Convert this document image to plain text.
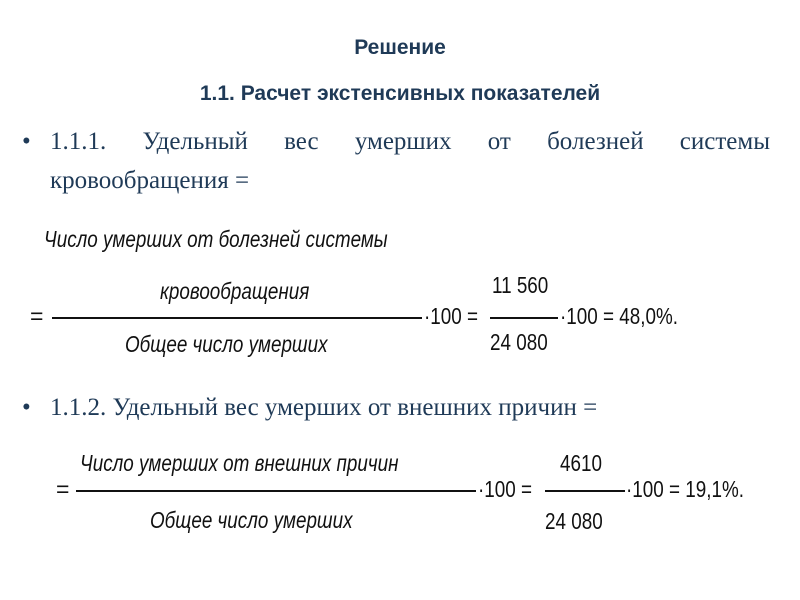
Решение
1.1. Расчет экстенсивных показателей
• 1.1.1. Удельный вес умерших от болезней системы
кровообращения =
Число умерших от болезней системы
кровообращения
=
Общее число умерших
·100 =
11 560
24 080
·100 = 48,0%.
• 1.1.2. Удельный вес умерших от внешних причин =
=
Число умерших от внешних причин
Общее число умерших
·100 =
4610
24 080
·100 = 19,1%.
